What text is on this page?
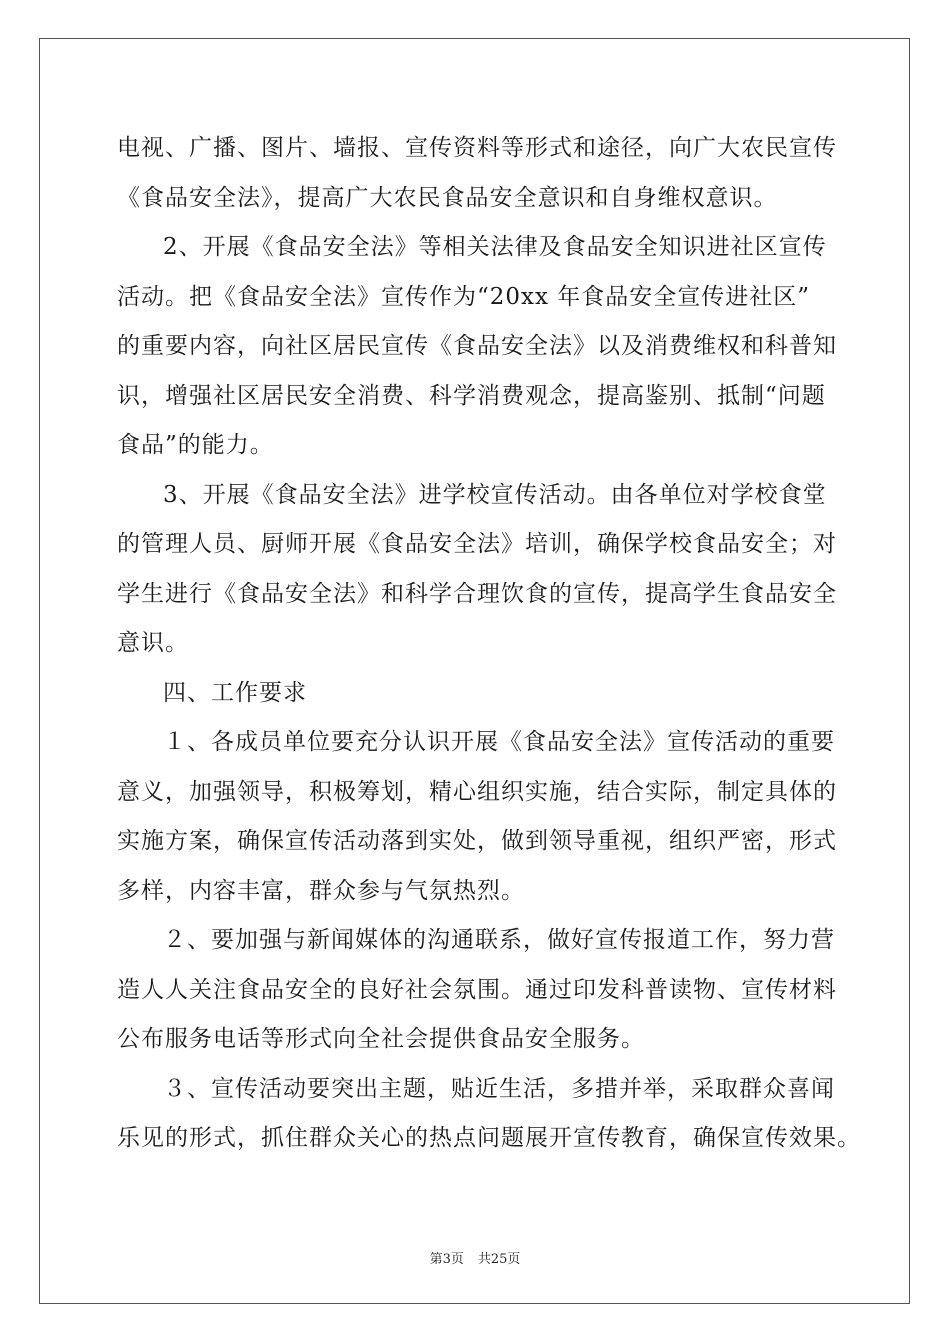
电视、广播、图片、墙报、宣传资料等形式和途径，向广大农民宣传
《食品安全法》，提高广大农民食品安全意识和自身维权意识。
2、开展《食品安全法》等相关法律及食品安全知识进社区宣传
活动。把《食品安全法》宣传作为“20xx 年食品安全宣传进社区”
的重要内容，向社区居民宣传《食品安全法》以及消费维权和科普知
识，增强社区居民安全消费、科学消费观念，提高鉴别、抵制“问题
食品”的能力。
3、开展《食品安全法》进学校宣传活动。由各单位对学校食堂
的管理人员、厨师开展《食品安全法》培训，确保学校食品安全；对
学生进行《食品安全法》和科学合理饮食的宣传，提高学生食品安全
意识。
四、工作要求
１、各成员单位要充分认识开展《食品安全法》宣传活动的重要
意义，加强领导，积极筹划，精心组织实施，结合实际，制定具体的
实施方案，确保宣传活动落到实处，做到领导重视，组织严密，形式
多样，内容丰富，群众参与气氛热烈。
２、要加强与新闻媒体的沟通联系，做好宣传报道工作，努力营
造人人关注食品安全的良好社会氛围。通过印发科普读物、宣传材料
公布服务电话等形式向全社会提供食品安全服务。
３、宣传活动要突出主题，贴近生活，多措并举，采取群众喜闻
乐见的形式，抓住群众关心的热点问题展开宣传教育，确保宣传效果。
第3页 共25页
